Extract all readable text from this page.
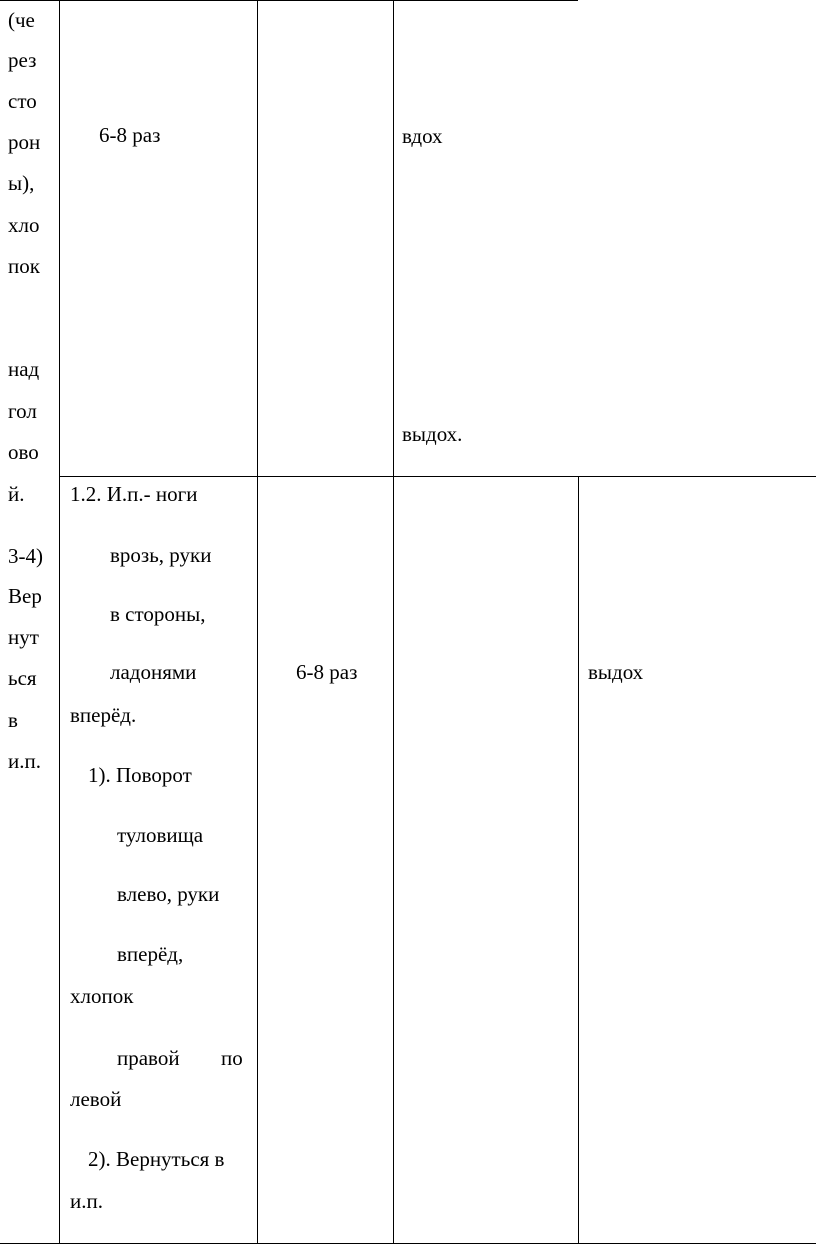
(че
рез
сто
рон
ы),
хло
пок
над
гол
ово
й.
3-4)
Вер
нут
ься
в
и.п.
6-8 раз	вдох
выдох.
1.2. И.п.- ноги
врозь, руки
в стороны,
ладонями
вперёд.
1). Поворот
туловища
влево, руки
вперёд,
хлопок
правой по
левой
2). Вернуться в
и.п.
6-8 раз	выдох
